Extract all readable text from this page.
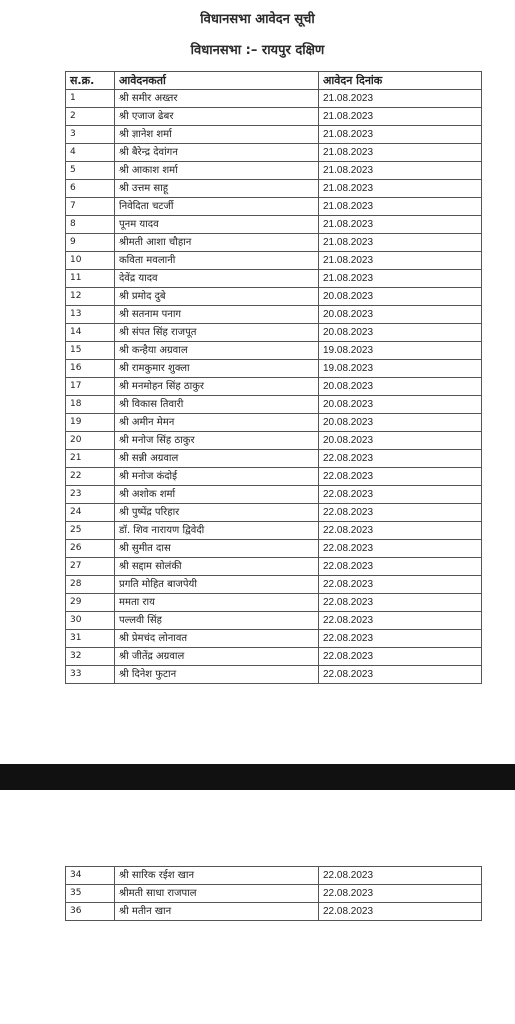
विधानसभा आवेदन सूची
विधानसभा :– रायपुर दक्षिण
स.क्र.	आवेदनकर्ता	आवेदन दिनांक
1	श्री समीर अख्तर	21.08.2023
2	श्री एजाज ढेबर	21.08.2023
3	श्री ज्ञानेश शर्मा	21.08.2023
4	श्री बैरेन्द्र देवांगन	21.08.2023
5	श्री आकाश शर्मा	21.08.2023
6	श्री उत्तम साहू	21.08.2023
7	निवेदिता चटर्जी	21.08.2023
8	पूनम यादव	21.08.2023
9	श्रीमती आशा चौहान	21.08.2023
10	कविता मवलानी	21.08.2023
11	देवेंद्र यादव	21.08.2023
12	श्री प्रमोद दुबे	20.08.2023
13	श्री सतनाम पनाग	20.08.2023
14	श्री संपत सिंह राजपूत	20.08.2023
15	श्री कन्हैया अग्रवाल	19.08.2023
16	श्री रामकुमार शुक्ला	19.08.2023
17	श्री मनमोहन सिंह ठाकुर	20.08.2023
18	श्री विकास तिवारी	20.08.2023
19	श्री अमीन मेमन	20.08.2023
20	श्री मनोज सिंह ठाकुर	20.08.2023
21	श्री सन्नी अग्रवाल	22.08.2023
22	श्री मनोज कंदोई	22.08.2023
23	श्री अशोक शर्मा	22.08.2023
24	श्री पुष्पेंद्र परिहार	22.08.2023
25	डॉ. शिव नारायण द्विवेदी	22.08.2023
26	श्री सुमीत दास	22.08.2023
27	श्री सद्दाम सोलंकी	22.08.2023
28	प्रगति मोहित बाजपेयी	22.08.2023
29	ममता राय	22.08.2023
30	पल्लवी सिंह	22.08.2023
31	श्री प्रेमचंद लोनावत	22.08.2023
32	श्री जीतेंद्र अग्रवाल	22.08.2023
33	श्री दिनेश फुटान	22.08.2023
34	श्री सारिक रईश खान	22.08.2023
35	श्रीमती साधा राजपाल	22.08.2023
36	श्री मतीन खान	22.08.2023
